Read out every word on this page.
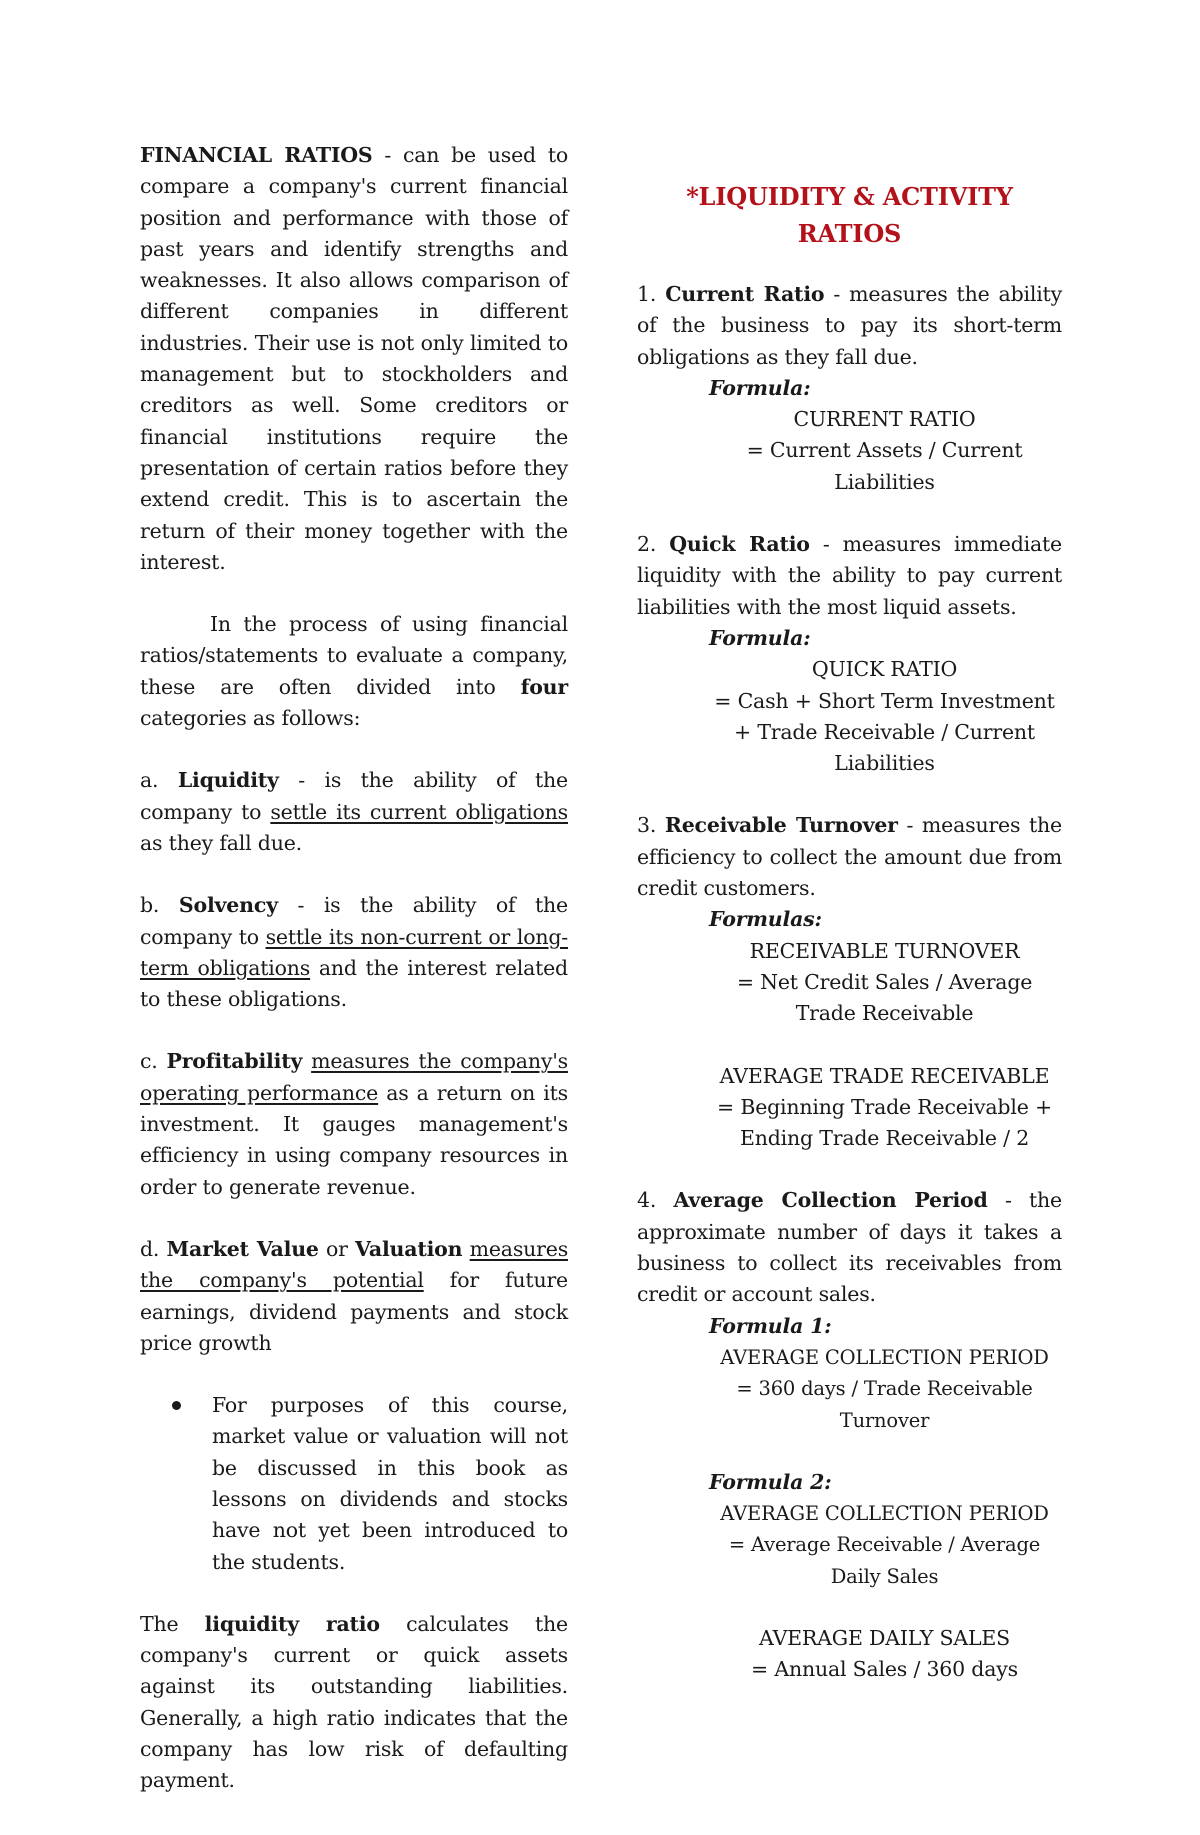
FINANCIAL RATIOS - can be used to compare a company's current financial position and performance with those of past years and identify strengths and weaknesses. It also allows comparison of different companies in different industries. Their use is not only limited to management but to stockholders and creditors as well. Some creditors or financial institutions require the presentation of certain ratios before they extend credit. This is to ascertain the return of their money together with the interest.

In the process of using financial ratios/statements to evaluate a company, these are often divided into four categories as follows:

a. Liquidity - is the ability of the company to settle its current obligations as they fall due.

b. Solvency - is the ability of the company to settle its non-current or long-term obligations and the interest related to these obligations.

c. Profitability measures the company's operating performance as a return on its investment. It gauges management's efficiency in using company resources in order to generate revenue.

d. Market Value or Valuation measures the company's potential for future earnings, dividend payments and stock price growth

For purposes of this course, market value or valuation will not be discussed in this book as lessons on dividends and stocks have not yet been introduced to the students.

The liquidity ratio calculates the company's current or quick assets against its outstanding liabilities. Generally, a high ratio indicates that the company has low risk of defaulting payment.

*LIQUIDITY & ACTIVITY
RATIOS

1. Current Ratio - measures the ability of the business to pay its short-term obligations as they fall due.

Formula:

CURRENT RATIO

= Current Assets / Current Liabilities

2. Quick Ratio - measures immediate liquidity with the ability to pay current liabilities with the most liquid assets.

Formula:

QUICK RATIO

= Cash + Short Term Investment + Trade Receivable / Current Liabilities

3. Receivable Turnover - measures the efficiency to collect the amount due from credit customers.

Formulas:

RECEIVABLE TURNOVER

= Net Credit Sales / Average Trade Receivable

AVERAGE TRADE RECEIVABLE

= Beginning Trade Receivable + Ending Trade Receivable / 2

4. Average Collection Period - the approximate number of days it takes a business to collect its receivables from credit or account sales.

Formula 1:

AVERAGE COLLECTION PERIOD

= 360 days / Trade Receivable Turnover

Formula 2:

AVERAGE COLLECTION PERIOD

= Average Receivable / Average Daily Sales

AVERAGE DAILY SALES

= Annual Sales / 360 days
